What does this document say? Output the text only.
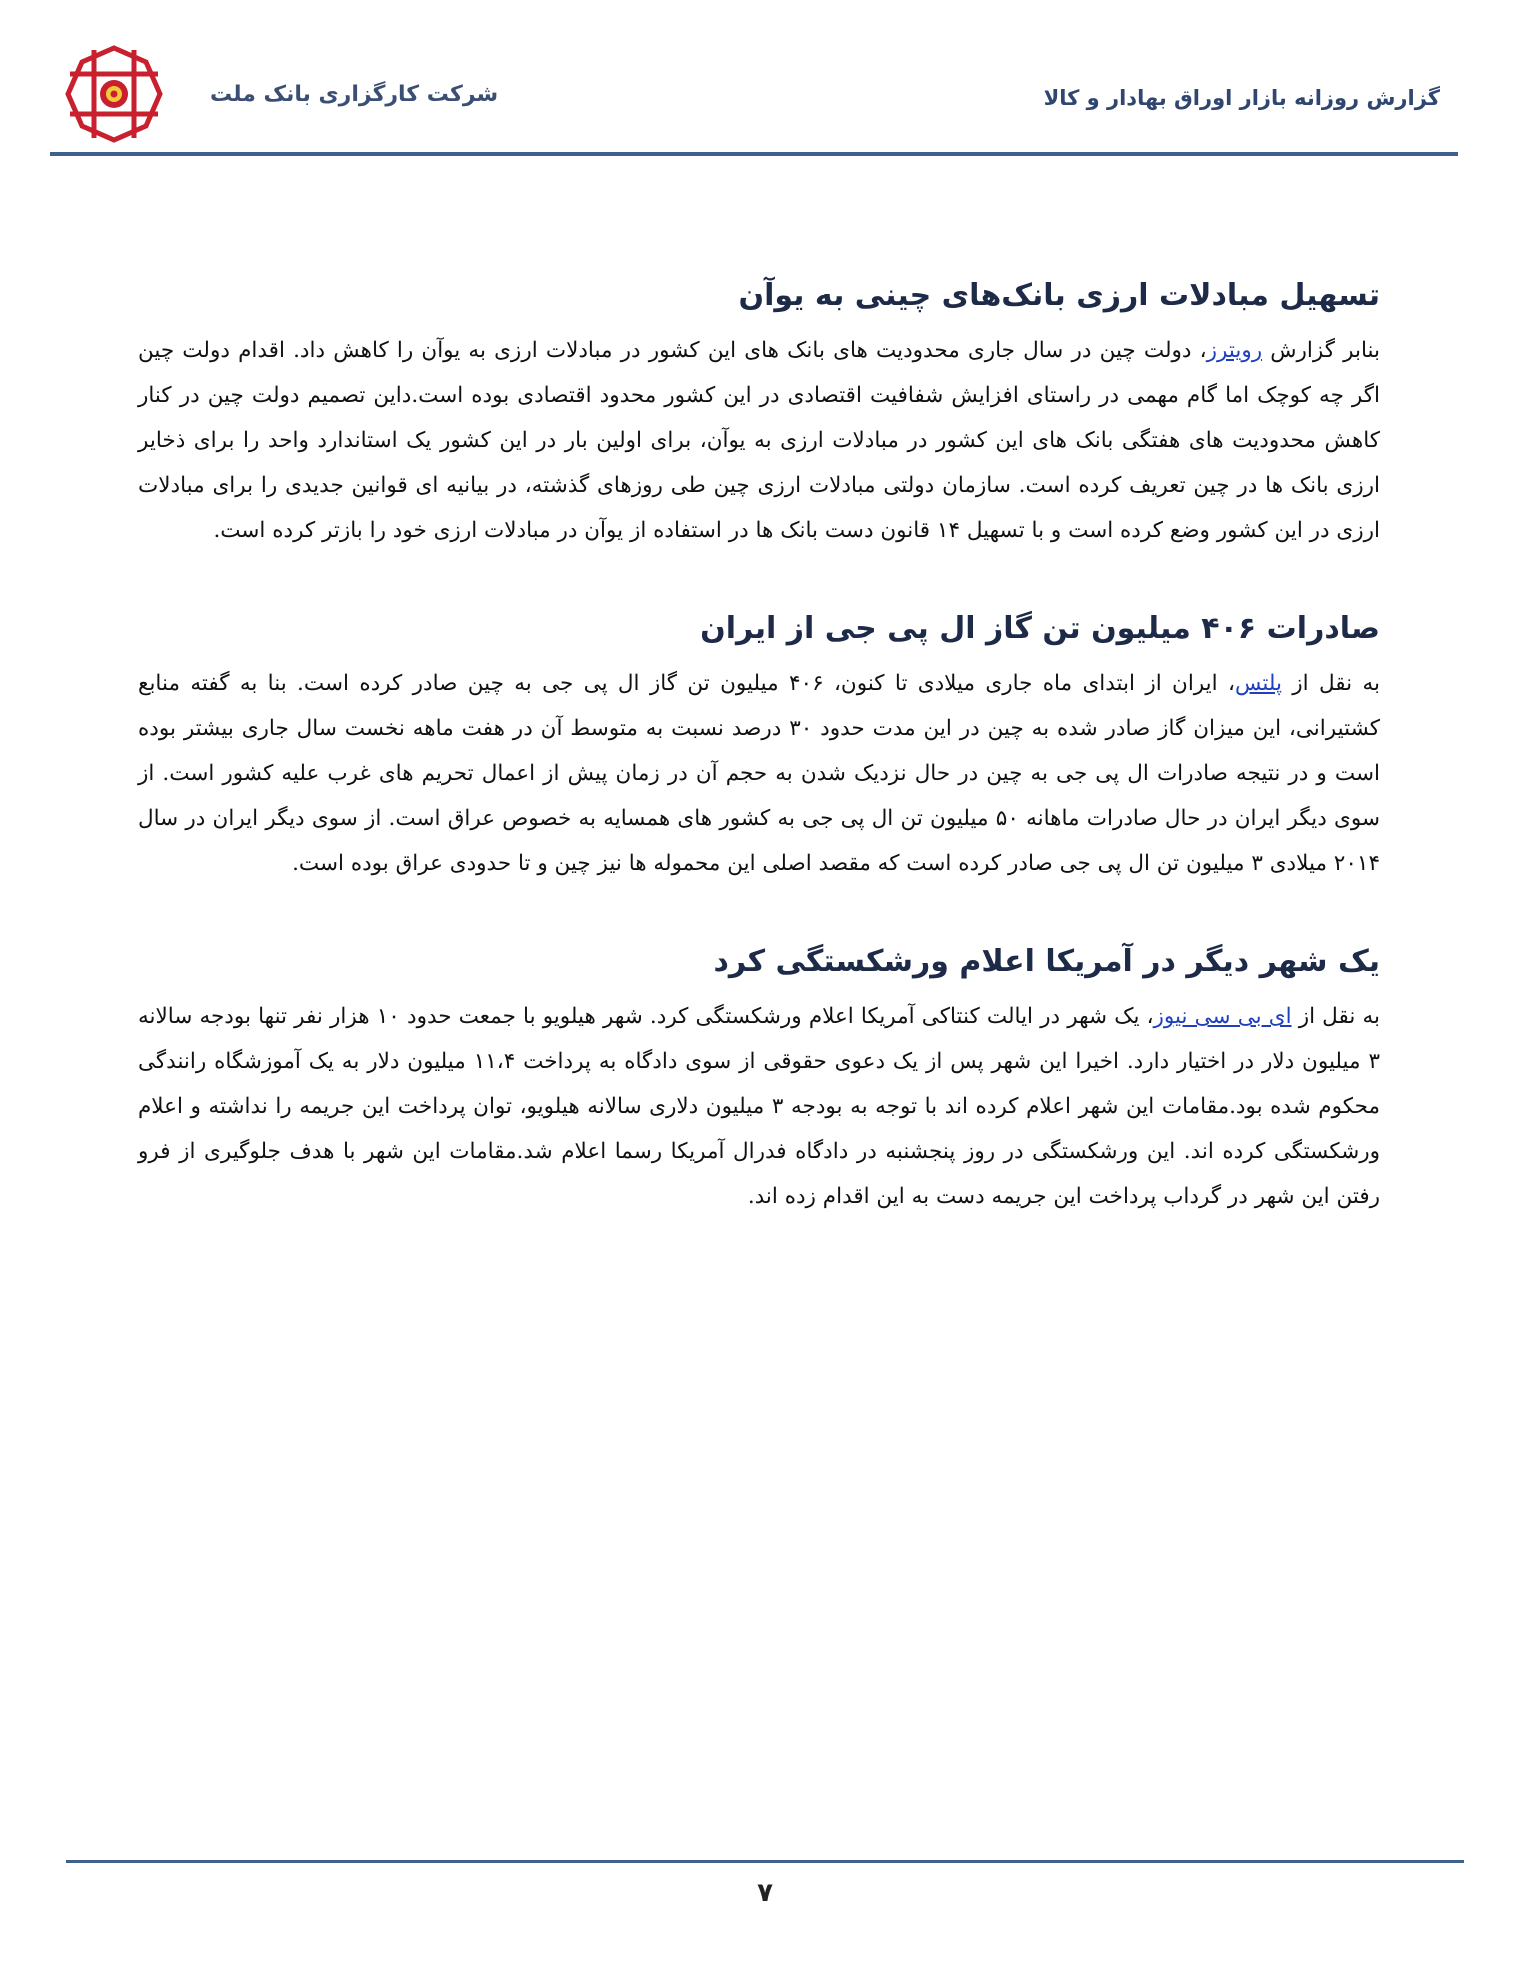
شرکت کارگزاری بانک ملت	گزارش روزانه بازار اوراق بهادار و کالا
تسهیل مبادلات ارزی بانک‌های چینی به یوآن

بنابر گزارش رویترز، دولت چین در سال جاری محدودیت های بانک های این کشور در مبادلات ارزی به یوآن را کاهش داد. اقدام دولت چین اگر چه کوچک اما گام مهمی در راستای افزایش شفافیت اقتصادی در این کشور محدود اقتصادی بوده است.داین تصمیم دولت چین در کنار کاهش محدودیت های هفتگی بانک های این کشور در مبادلات ارزی به یوآن، برای اولین بار در این کشور یک استاندارد واحد را برای ذخایر ارزی بانک ها در چین تعریف کرده است. سازمان دولتی مبادلات ارزی چین طی روزهای گذشته، در بیانیه ای قوانین جدیدی را برای مبادلات ارزی در این کشور وضع کرده است و با تسهیل ۱۴ قانون دست بانک ها در استفاده از یوآن در مبادلات ارزی خود را بازتر کرده است.

صادرات ۴۰۶ میلیون تن گاز ال پی جی از ایران

به نقل از پلتس، ایران از ابتدای ماه جاری میلادی تا کنون، ۴۰۶ میلیون تن گاز ال پی جی به چین صادر کرده است. بنا به گفته منابع کشتیرانی، این میزان گاز صادر شده به چین در این مدت حدود ۳۰ درصد نسبت به متوسط آن در هفت ماهه نخست سال جاری بیشتر بوده است و در نتیجه صادرات ال پی جی به چین در حال نزدیک شدن به حجم آن در زمان پیش از اعمال تحریم های غرب علیه کشور است. از سوی دیگر ایران در حال صادرات ماهانه ۵۰ میلیون تن ال پی جی به کشور های همسایه به خصوص عراق است. از سوی دیگر ایران در سال ۲۰۱۴ میلادی ۳ میلیون تن ال پی جی صادر کرده است که مقصد اصلی این محموله ها نیز چین و تا حدودی عراق بوده است.

یک شهر دیگر در آمریکا اعلام ورشکستگی کرد

به نقل از ای بی سی نیوز، یک شهر در ایالت کنتاکی آمریکا اعلام ورشکستگی کرد. شهر هیلویو با جمعت حدود ۱۰ هزار نفر تنها بودجه سالانه ۳ میلیون دلار در اختیار دارد. اخیرا این شهر پس از یک دعوی حقوقی از سوی دادگاه به پرداخت ۱۱،۴ میلیون دلار به یک آموزشگاه رانندگی محکوم شده بود.مقامات این شهر اعلام کرده اند با توجه به بودجه ۳ میلیون دلاری سالانه هیلویو، توان پرداخت این جریمه را نداشته و اعلام ورشکستگی کرده اند. این ورشکستگی در روز پنجشنبه در دادگاه فدرال آمریکا رسما اعلام شد.مقامات این شهر با هدف جلوگیری از فرو رفتن این شهر در گرداب پرداخت این جریمه دست به این اقدام زده اند.

۷
